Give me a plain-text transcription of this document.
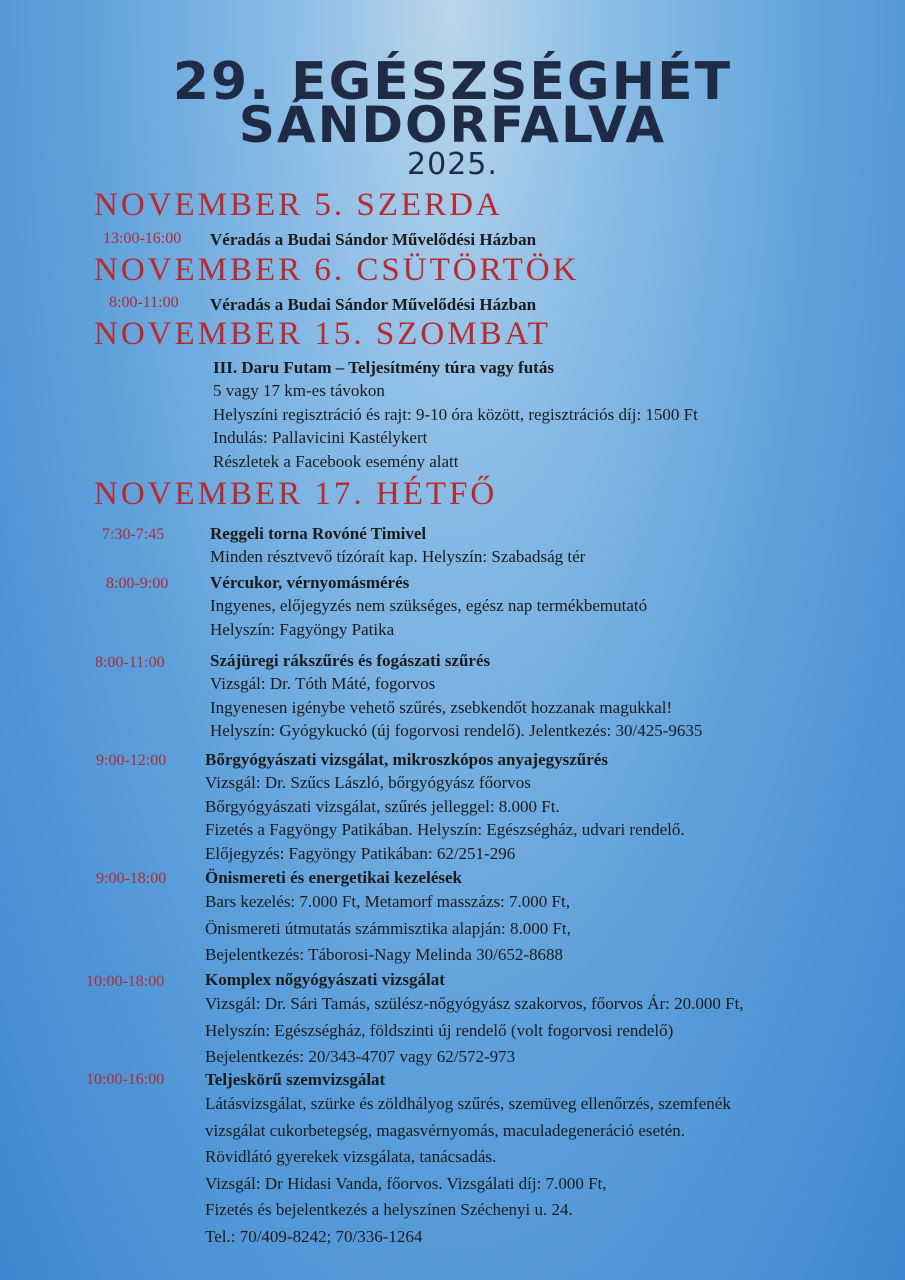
29. EGÉSZSÉGHÉT
SÁNDORFALVA
2025.
NOVEMBER 5. SZERDA
NOVEMBER 6. CSÜTÖRTÖK
NOVEMBER 15. SZOMBAT
NOVEMBER 17. HÉTFŐ
13:00-16:00 Véradás a Budai Sándor Művelődési Házban
8:00-11:00 Véradás a Budai Sándor Művelődési Házban
III. Daru Futam – Teljesítmény túra vagy futás
5 vagy 17 km-es távokon
Helyszíni regisztráció és rajt: 9-10 óra között, regisztrációs díj: 1500 Ft
Indulás: Pallavicini Kastélykert
Részletek a Facebook esemény alatt
7:30-7:45	Reggeli torna Rovóné Timivel
Minden résztvevő tízóraít kap. Helyszín: Szabadság tér
8:00-9:00 Vércukor, vérnyomásmérés
Ingyenes, előjegyzés nem szükséges, egész nap termékbemutató
Helyszín: Fagyöngy Patika
8:00-11:00	Szájüregi rákszűrés és fogászati szűrés
Vizsgál: Dr. Tóth Máté, fogorvos
Ingyenesen igénybe vehető szűrés, zsebkendőt hozzanak magukkal!
Helyszín: Gyógykuckó (új fogorvosi rendelő). Jelentkezés: 30/425-9635
9:00-12:00 Bőrgyógyászati vizsgálat, mikroszkópos anyajegyszűrés
Vizsgál: Dr. Szűcs László, bőrgyógyász főorvos
Bőrgyógyászati vizsgálat, szűrés jelleggel: 8.000 Ft.
Fizetés a Fagyöngy Patikában. Helyszín: Egészségház, udvari rendelő.
Előjegyzés: Fagyöngy Patikában: 62/251-296
9:00-18:00 Önismereti és energetikai kezelések
Bars kezelés: 7.000 Ft, Metamorf masszázs: 7.000 Ft,
Önismereti útmutatás számmisztika alapján: 8.000 Ft,
Bejelentkezés: Táborosi-Nagy Melinda 30/652-8688
10:00-18:00 Komplex nőgyógyászati vizsgálat
Vizsgál: Dr. Sári Tamás, szülész-nőgyógyász szakorvos, főorvos Ár: 20.000 Ft,
Helyszín: Egészségház, földszinti új rendelő (volt fogorvosi rendelő)
Bejelentkezés: 20/343-4707 vagy 62/572-973
10:00-16:00 Teljeskörű szemvizsgálat
Látásvizsgálat, szürke és zöldhályog szűrés, szemüveg ellenőrzés, szemfenék
vizsgálat cukorbetegség, magasvérnyomás, maculadegeneráció esetén.
Rövidlátó gyerekek vizsgálata, tanácsadás.
Vizsgál: Dr Hidasi Vanda, főorvos. Vizsgálati díj: 7.000 Ft,
Fizetés és bejelentkezés a helyszínen Széchenyi u. 24.
Tel.: 70/409-8242; 70/336-1264
